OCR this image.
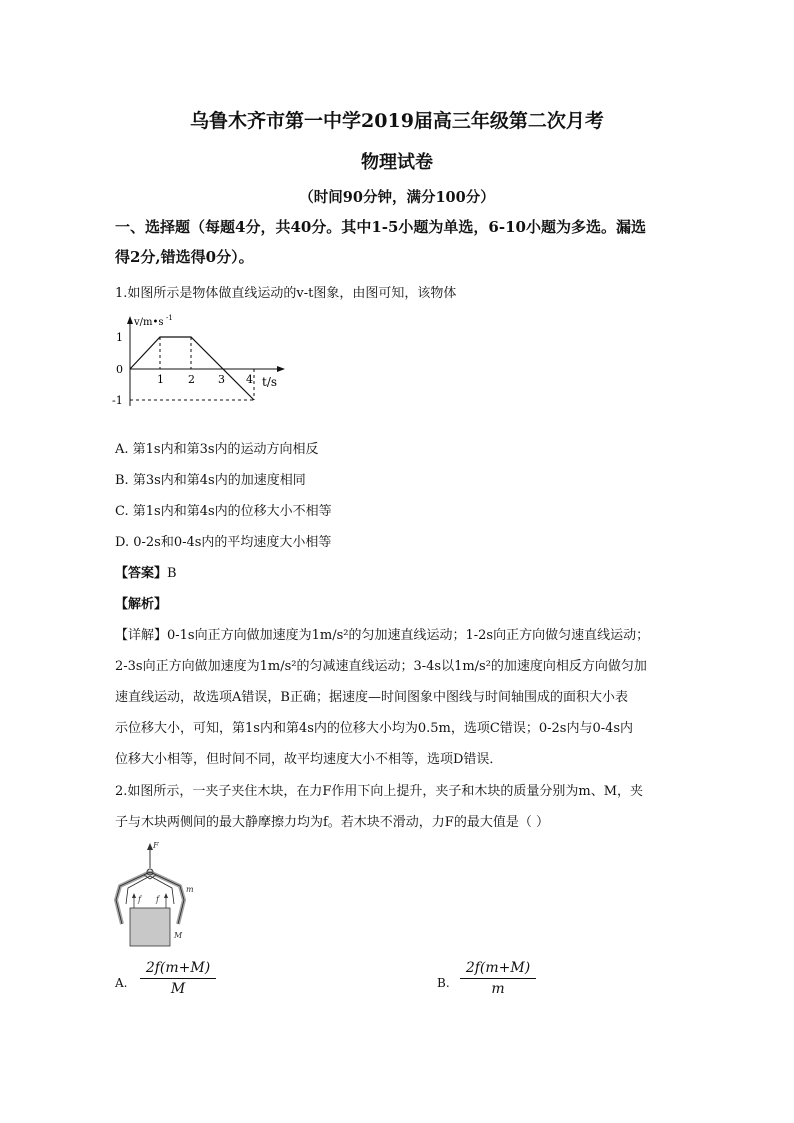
乌鲁木齐市第一中学2019届高三年级第二次月考
物理试卷
（时间90分钟，满分100分）
一、选择题（每题4分，共40分。其中1-5小题为单选，6-10小题为多选。漏选
得2分,错选得0分）。
1.如图所示是物体做直线运动的v-t图象，由图可知，该物体
v/m•s -1
1
0
-1
1 2 3 4 t/s
A. 第1s内和第3s内的运动方向相反
B. 第3s内和第4s内的加速度相同
C. 第1s内和第4s内的位移大小不相等
D. 0-2s和0-4s内的平均速度大小相等
【答案】B
【解析】
【详解】0-1s向正方向做加速度为1m/s²的匀加速直线运动；1-2s向正方向做匀速直线运动；
2-3s向正方向做加速度为1m/s²的匀减速直线运动；3-4s以1m/s²的加速度向相反方向做匀加
速直线运动，故选项A错误，B正确；据速度—时间图象中图线与时间轴围成的面积大小表
示位移大小，可知，第1s内和第4s内的位移大小均为0.5m，选项C错误；0-2s内与0-4s内
位移大小相等，但时间不同，故平均速度大小不相等，选项D错误．
2.如图所示，一夹子夹住木块，在力F作用下向上提升，夹子和木块的质量分别为m、M，夹
子与木块两侧间的最大静摩擦力均为f。若木块不滑动，力F的最大值是（ ）
F
f f
m
M
A. $\frac{2f(m+M)}{M}$	B. $\frac{2f(m+M)}{m}$
